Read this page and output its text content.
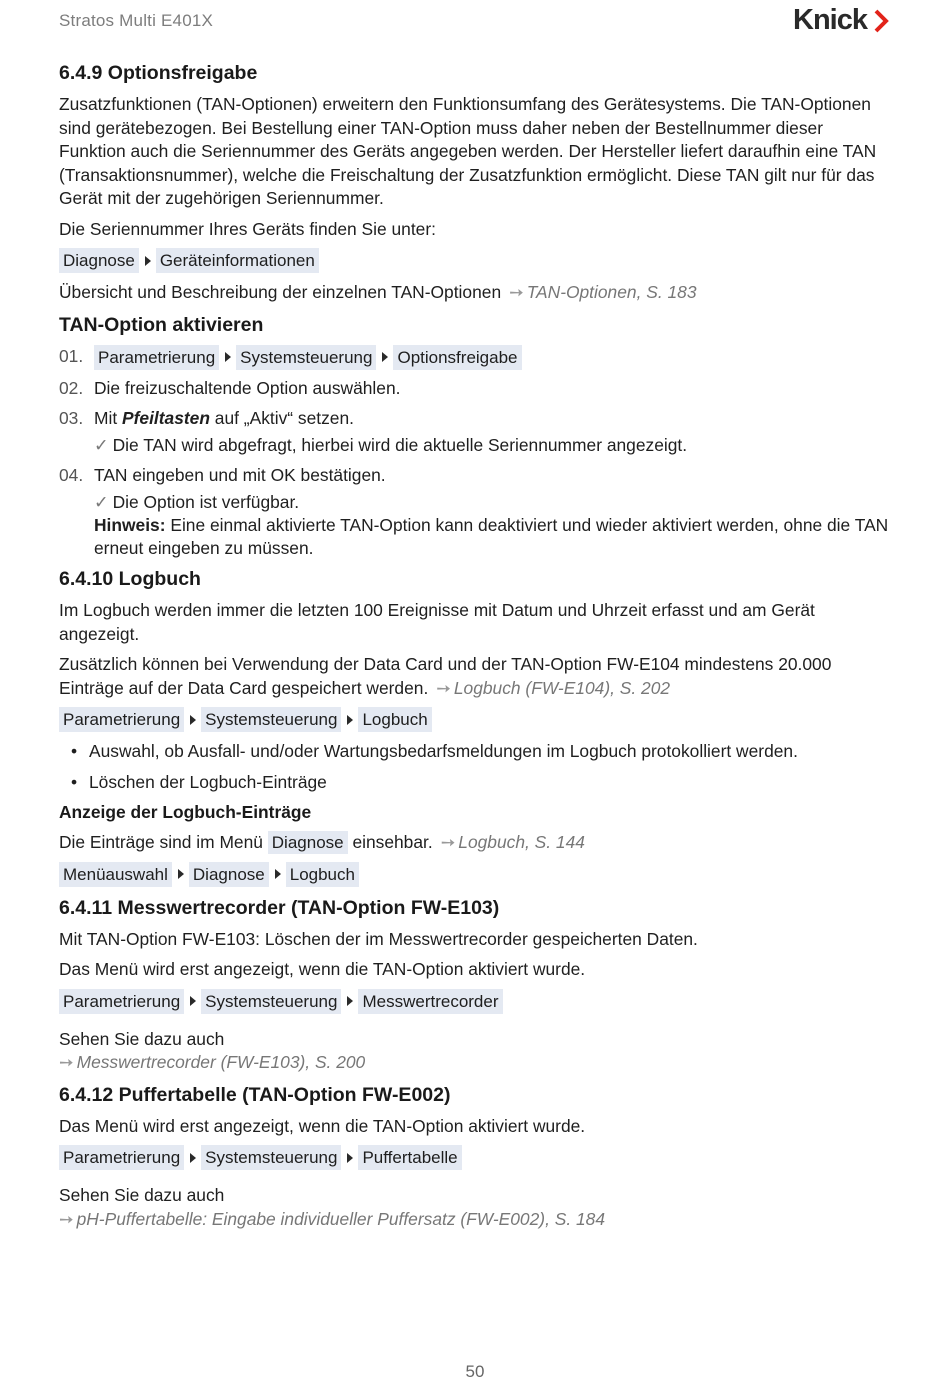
Stratos Multi E401X	Knick
6.4.9 Optionsfreigabe

Zusatzfunktionen (TAN-Optionen) erweitern den Funktionsumfang des Gerätesystems. Die TAN-Optionen sind gerätebezogen. Bei Bestellung einer TAN-Option muss daher neben der Bestellnummer dieser Funktion auch die Seriennummer des Geräts angegeben werden. Der Hersteller liefert daraufhin eine TAN (Transaktionsnummer), welche die Freischaltung der Zusatzfunktion ermöglicht. Diese TAN gilt nur für das Gerät mit der zugehörigen Seriennummer.

Die Seriennummer Ihres Geräts finden Sie unter:

Diagnose Geräteinformationen

Übersicht und Beschreibung der einzelnen TAN-Optionen ➙ TAN-Optionen, S. 183

TAN-Option aktivieren
01. Parametrierung Systemsteuerung Optionsfreigabe
02. Die freizuschaltende Option auswählen.
03. Mit Pfeiltasten auf „Aktiv“ setzen.
✓ Die TAN wird abgefragt, hierbei wird die aktuelle Seriennummer angezeigt.
04. TAN eingeben und mit OK bestätigen.
✓ Die Option ist verfügbar.
Hinweis: Eine einmal aktivierte TAN-Option kann deaktiviert und wieder aktiviert werden, ohne die TAN erneut eingeben zu müssen.
6.4.10 Logbuch

Im Logbuch werden immer die letzten 100 Ereignisse mit Datum und Uhrzeit erfasst und am Gerät angezeigt.

Zusätzlich können bei Verwendung der Data Card und der TAN-Option FW-E104 mindestens 20.000 Einträge auf der Data Card gespeichert werden. ➙ Logbuch (FW-E104), S. 202

Parametrierung Systemsteuerung Logbuch
• Auswahl, ob Ausfall- und/oder Wartungsbedarfsmeldungen im Logbuch protokolliert werden.
• Löschen der Logbuch-Einträge
Anzeige der Logbuch-Einträge

Die Einträge sind im Menü Diagnose einsehbar. ➙ Logbuch, S. 144

Menüauswahl Diagnose Logbuch
6.4.11 Messwertrecorder (TAN-Option FW-E103)

Mit TAN-Option FW-E103: Löschen der im Messwertrecorder gespeicherten Daten.

Das Menü wird erst angezeigt, wenn die TAN-Option aktiviert wurde.

Parametrierung Systemsteuerung Messwertrecorder
Sehen Sie dazu auch
➙ Messwertrecorder (FW-E103), S. 200
6.4.12 Puffertabelle (TAN-Option FW-E002)

Das Menü wird erst angezeigt, wenn die TAN-Option aktiviert wurde.

Parametrierung Systemsteuerung Puffertabelle
Sehen Sie dazu auch
➙ pH-Puffertabelle: Eingabe individueller Puffersatz (FW-E002), S. 184
50
